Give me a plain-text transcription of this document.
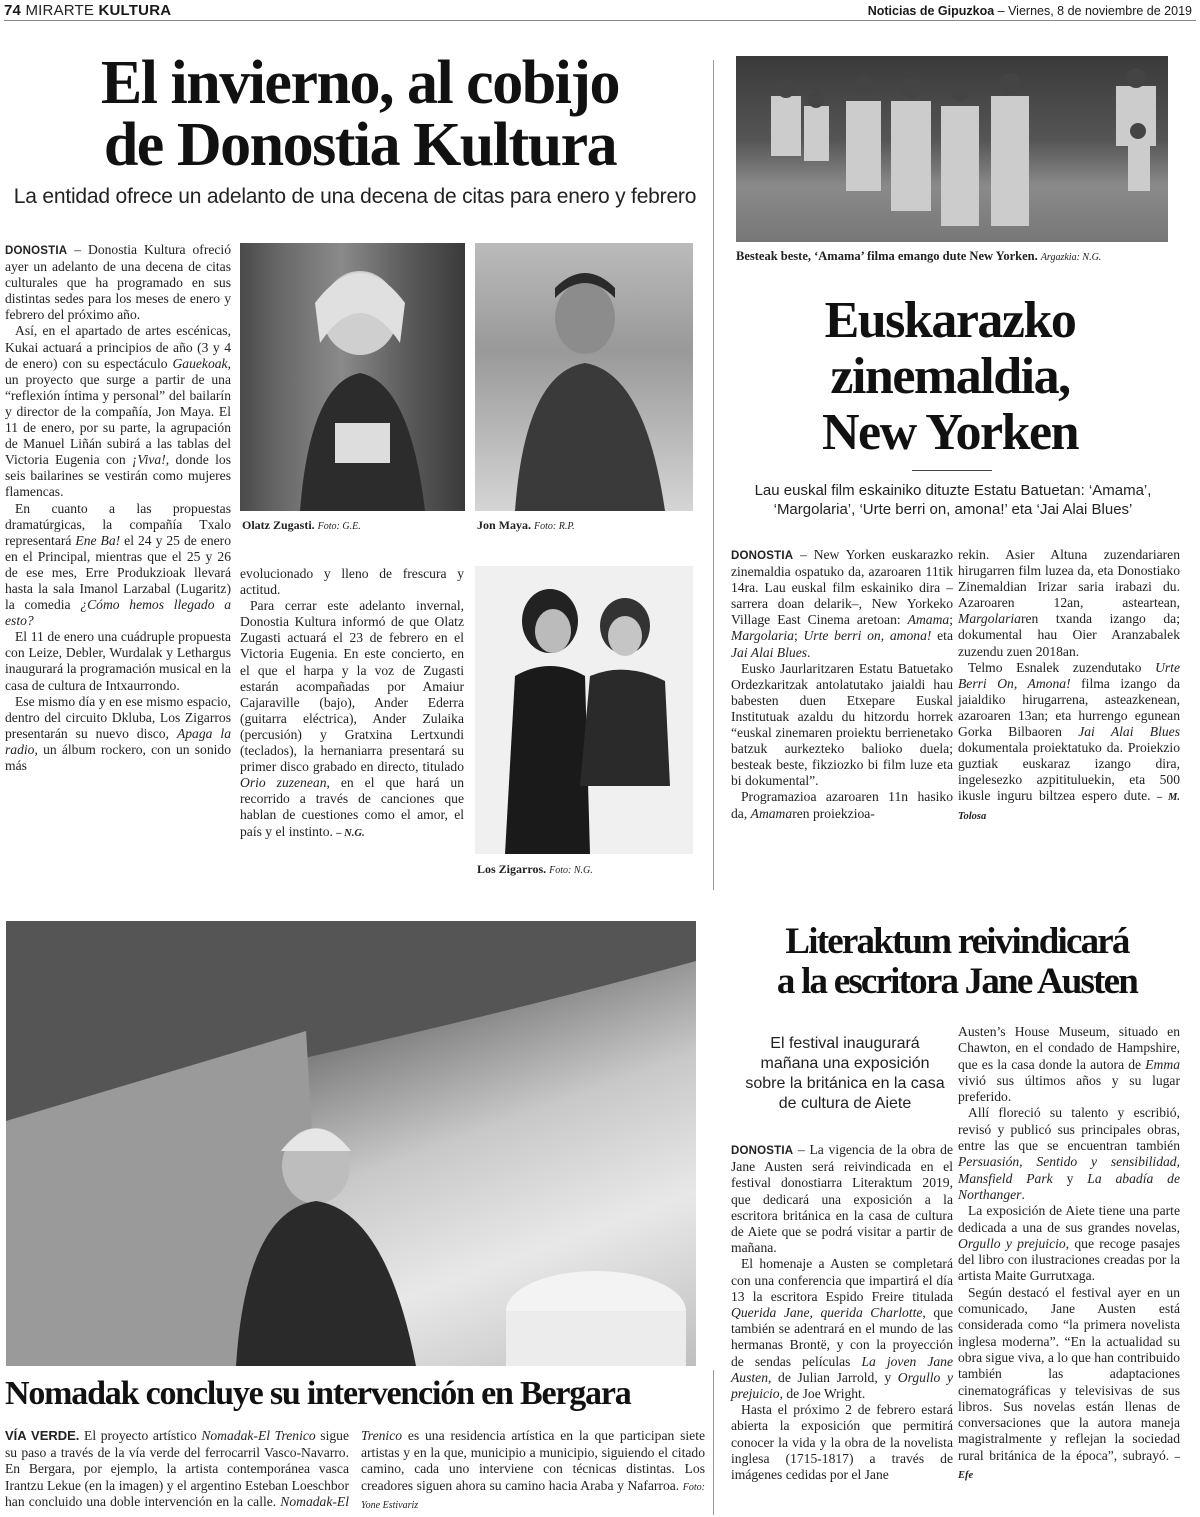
74 MIRARTE KULTURA	Noticias de Gipuzkoa – Viernes, 8 de noviembre de 2019
El invierno, al cobijo
de Donostia Kultura
La entidad ofrece un adelanto de una decena de citas para enero y febrero

DONOSTIA – Donostia Kultura ofreció ayer un adelanto de una decena de citas culturales que ha programado en sus distintas sedes para los meses de enero y febrero del próximo año.

Así, en el apartado de artes escénicas, Kukai actuará a principios de año (3 y 4 de enero) con su espectáculo Gauekoak, un proyecto que surge a partir de una “reflexión íntima y personal” del bailarín y director de la compañía, Jon Maya. El 11 de enero, por su parte, la agrupación de Manuel Liñán subirá a las tablas del Victoria Eugenia con ¡Viva!, donde los seis bailarines se vestirán como mujeres flamencas.

En cuanto a las propuestas dramatúrgicas, la compañía Txalo representará Ene Ba! el 24 y 25 de enero en el Principal, mientras que el 25 y 26 de ese mes, Erre Produkzioak llevará hasta la sala Imanol Larzabal (Lugaritz) la comedia ¿Cómo hemos llegado a esto?

El 11 de enero una cuádruple propuesta con Leize, Debler, Wurdalak y Lethargus inaugurará la programación musical en la casa de cultura de Intxaurrondo.

Ese mismo día y en ese mismo espacio, dentro del circuito Dkluba, Los Zigarros presentarán su nuevo disco, Apaga la radio, un álbum rockero, con un sonido más

Olatz Zugasti. Foto: G.E.	Jon Maya. Foto: R.P.

evolucionado y lleno de frescura y actitud.

Para cerrar este adelanto invernal, Donostia Kultura informó de que Olatz Zugasti actuará el 23 de febrero en el Victoria Eugenia. En este concierto, en el que el harpa y la voz de Zugasti estarán acompañadas por Amaiur Cajaraville (bajo), Ander Ederra (guitarra eléctrica), Ander Zulaika (percusión) y Gratxina Lertxundi (teclados), la hernaniarra presentará su primer disco grabado en directo, titulado Orio zuzenean, en el que hará un recorrido a través de canciones que hablan de cuestiones como el amor, el país y el instinto. – N.G.

Los Zigarros. Foto: N.G.
Besteak beste, ‘Amama’ filma emango dute New Yorken. Argazkia: N.G.
Euskarazko
zinemaldia,
New Yorken
Lau euskal film eskainiko dituzte Estatu Batuetan: ‘Amama’, ‘Margolaria’, ‘Urte berri on, amona!’ eta ‘Jai Alai Blues’

DONOSTIA – New Yorken euskarazko zinemaldia ospatuko da, azaroaren 11tik 14ra. Lau euskal film eskainiko dira –sarrera doan delarik–, New Yorkeko Village East Cinema aretoan: Amama; Margolaria; Urte berri on, amona! eta Jai Alai Blues.

Eusko Jaurlaritzaren Estatu Batuetako Ordezkaritzak antolatutako jaialdi hau babesten duen Etxepare Euskal Institutuak azaldu du hitzordu horrek “euskal zinemaren proiektu berrienetako batzuk aurkezteko balioko duela; besteak beste, fikziozko bi film luze eta bi dokumental”.

Programazioa azaroaren 11n hasiko da, Amamaren proiekzioa-

rekin. Asier Altuna zuzendariaren hirugarren film luzea da, eta Donostiako Zinemaldian Irizar saria irabazi du. Azaroaren 12an, asteartean, Margolariaren txanda izango da; dokumental hau Oier Aranzabalek zuzendu zuen 2018an.

Telmo Esnalek zuzendutako Urte Berri On, Amona! filma izango da jaialdiko hirugarrena, asteazkenean, azaroaren 13an; eta hurrengo egunean Gorka Bilbaoren Jai Alai Blues dokumentala proiektatuko da. Proiekzio guztiak euskaraz izango dira, ingelesezko azpitituluekin, eta 500 ikusle inguru biltzea espero dute. – M. Tolosa

Nomadak concluye su intervención en Bergara
VÍA VERDE. El proyecto artístico Nomadak-El Trenico sigue su paso a través de la vía verde del ferrocarril Vasco-Navarro. En Bergara, por ejemplo, la artista contemporánea vasca Irantzu Lekue (en la imagen) y el argentino Esteban Loeschbor han concluido una doble intervención en la calle. Nomadak-El Trenico es una residencia artística en la que participan siete artistas y en la que, municipio a municipio, siguiendo el citado camino, cada uno interviene con técnicas distintas. Los creadores siguen ahora su camino hacia Araba y Nafarroa. Foto: Yone Estivariz
Literaktum reivindicará
a la escritora Jane Austen
El festival inaugurará mañana una exposición sobre la británica en la casa de cultura de Aiete

DONOSTIA – La vigencia de la obra de Jane Austen será reivindicada en el festival donostiarra Literaktum 2019, que dedicará una exposición a la escritora británica en la casa de cultura de Aiete que se podrá visitar a partir de mañana.

El homenaje a Austen se completará con una conferencia que impartirá el día 13 la escritora Espido Freire titulada Querida Jane, querida Charlotte, que también se adentrará en el mundo de las hermanas Brontë, y con la proyección de sendas películas La joven Jane Austen, de Julian Jarrold, y Orgullo y prejuicio, de Joe Wright.

Hasta el próximo 2 de febrero estará abierta la exposición que permitirá conocer la vida y la obra de la novelista inglesa (1715-1817) a través de imágenes cedidas por el Jane

Austen’s House Museum, situado en Chawton, en el condado de Hampshire, que es la casa donde la autora de Emma vivió sus últimos años y su lugar preferido.

Allí floreció su talento y escribió, revisó y publicó sus principales obras, entre las que se encuentran también Persuasión, Sentido y sensibilidad, Mansfield Park y La abadía de Northanger.

La exposición de Aiete tiene una parte dedicada a una de sus grandes novelas, Orgullo y prejuicio, que recoge pasajes del libro con ilustraciones creadas por la artista Maite Gurrutxaga.

Según destacó el festival ayer en un comunicado, Jane Austen está considerada como “la primera novelista inglesa moderna”. “En la actualidad su obra sigue viva, a lo que han contribuido también las adaptaciones cinematográficas y televisivas de sus libros. Sus novelas están llenas de conversaciones que la autora maneja magistralmente y reflejan la sociedad rural británica de la época”, subrayó. – Efe
